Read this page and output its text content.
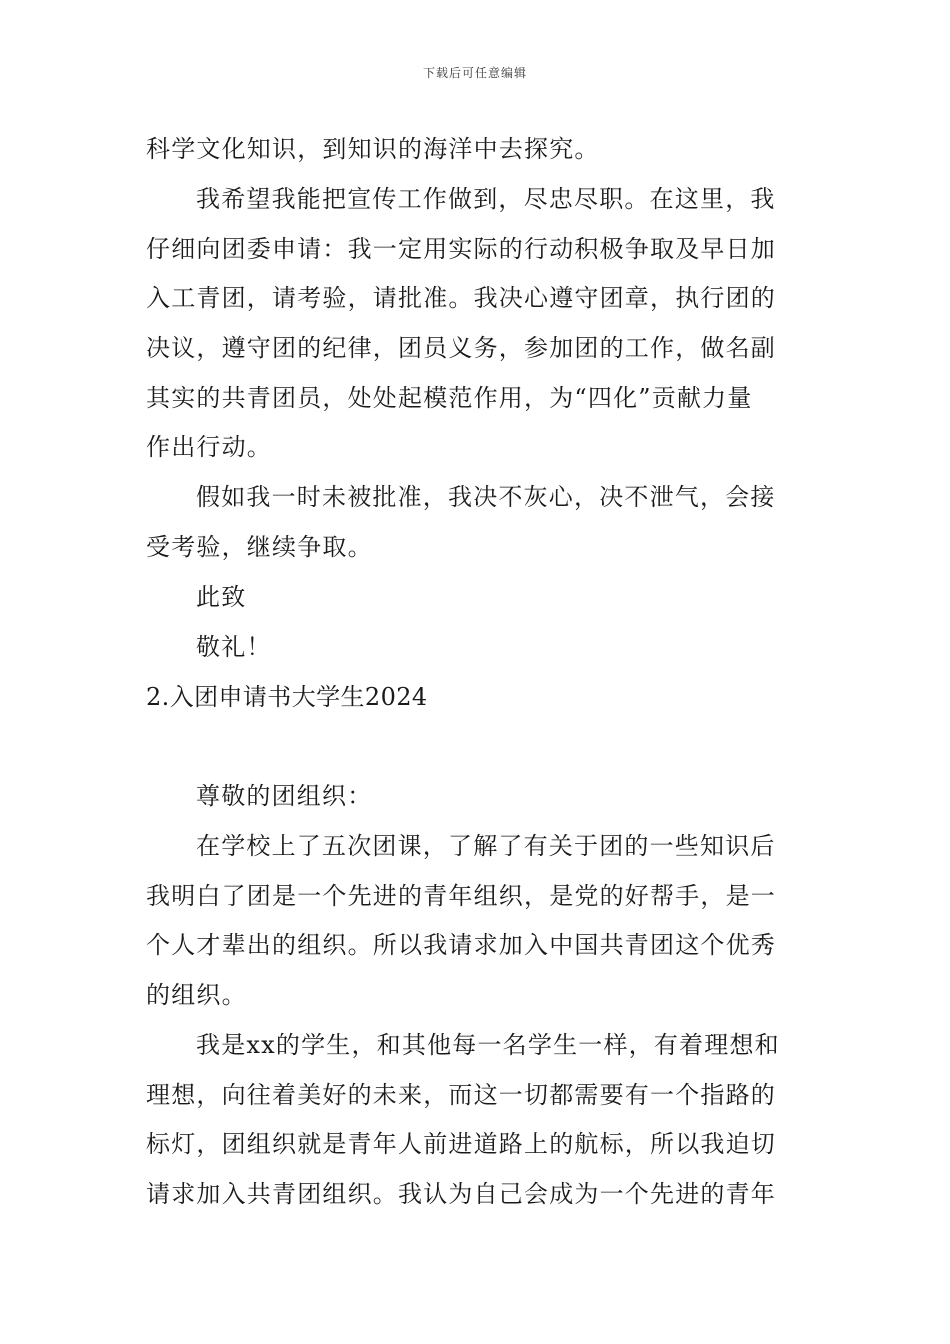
下载后可任意编辑
科学文化知识，到知识的海洋中去探究。
我希望我能把宣传工作做到，尽忠尽职。在这里，我
仔细向团委申请：我一定用实际的行动积极争取及早日加
入工青团，请考验，请批准。我决心遵守团章，执行团的
决议，遵守团的纪律，团员义务，参加团的工作，做名副
其实的共青团员，处处起模范作用，为“四化”贡献力量
作出行动。
假如我一时未被批准，我决不灰心，决不泄气，会接
受考验，继续争取。
此致
敬礼！
2.入团申请书大学生2024
尊敬的团组织：
在学校上了五次团课，了解了有关于团的一些知识后
我明白了团是一个先进的青年组织，是党的好帮手，是一
个人才辈出的组织。所以我请求加入中国共青团这个优秀
的组织。
我是xx的学生，和其他每一名学生一样，有着理想和
理想，向往着美好的未来，而这一切都需要有一个指路的
标灯，团组织就是青年人前进道路上的航标，所以我迫切
请求加入共青团组织。我认为自己会成为一个先进的青年
